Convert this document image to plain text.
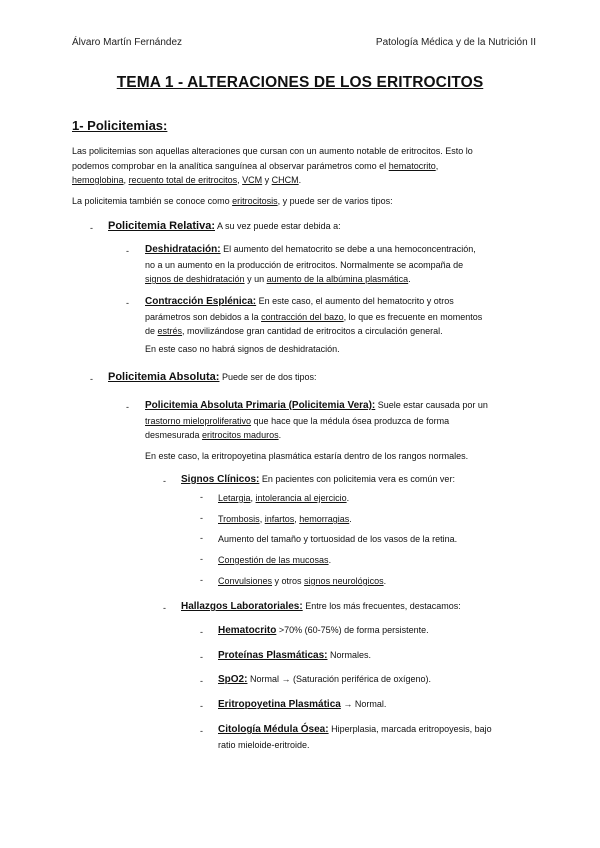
Álvaro Martín Fernández	Patología Médica y de la Nutrición II
TEMA 1 - ALTERACIONES DE LOS ERITROCITOS
1- Policitemias:
Las policitemias son aquellas alteraciones que cursan con un aumento notable de eritrocitos. Esto lo
podemos comprobar en la analítica sanguínea al observar parámetros como el hematocrito,
hemoglobina, recuento total de eritrocitos, VCM y CHCM.
La policitemia también se conoce como eritrocitosis, y puede ser de varios tipos:
- Policitemia Relativa: A su vez puede estar debida a:
- Deshidratación: El aumento del hematocrito se debe a una hemoconcentración,
no a un aumento en la producción de eritrocitos. Normalmente se acompaña de
signos de deshidratación y un aumento de la albúmina plasmática.
- Contracción Esplénica: En este caso, el aumento del hematocrito y otros
parámetros son debidos a la contracción del bazo, lo que es frecuente en momentos
de estrés, movilizándose gran cantidad de eritrocitos a circulación general.
En este caso no habrá signos de deshidratación.
- Policitemia Absoluta: Puede ser de dos tipos:
- Policitemia Absoluta Primaria (Policitemia Vera): Suele estar causada por un
trastorno mieloproliferativo que hace que la médula ósea produzca de forma
desmesurada eritrocitos maduros.
En este caso, la eritropoyetina plasmática estaría dentro de los rangos normales.
- Signos Clínicos: En pacientes con policitemia vera es común ver:
- Letargia, intolerancia al ejercicio.
- Trombosis, infartos, hemorragias.
- Aumento del tamaño y tortuosidad de los vasos de la retina.
- Congestión de las mucosas.
- Convulsiones y otros signos neurológicos.
- Hallazgos Laboratoriales: Entre los más frecuentes, destacamos:
- Hematocrito >70% (60-75%) de forma persistente.
- Proteínas Plasmáticas: Normales.
- SpO2: Normal → (Saturación periférica de oxígeno).
- Eritropoyetina Plasmática → Normal.
- Citología Médula Ósea: Hiperplasia, marcada eritropoyesis, bajo
ratio mieloide-eritroide.
